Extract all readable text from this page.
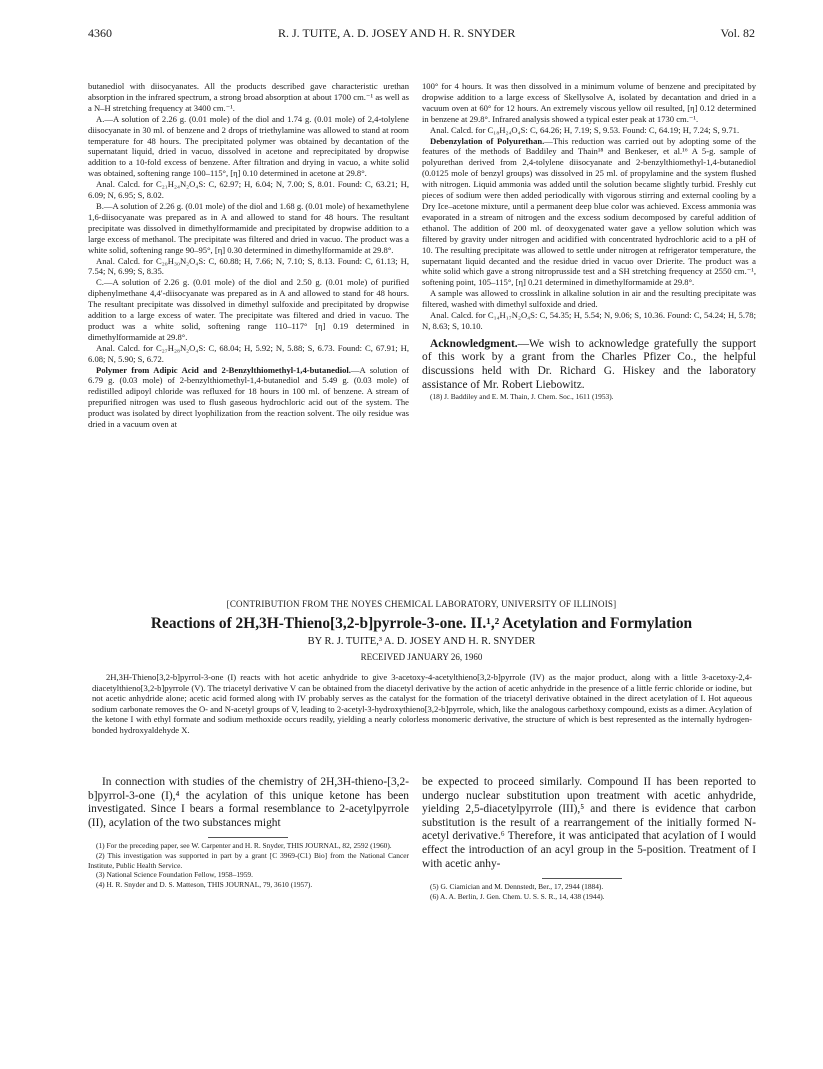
4360	R. J. TUITE, A. D. JOSEY AND H. R. SNYDER	Vol. 82

butanediol with diisocyanates. All the products described gave characteristic urethan absorption in the infrared spectrum, a strong broad absorption at about 1700 cm.⁻¹ as well as a N–H stretching frequency at 3400 cm.⁻¹.

A.—A solution of 2.26 g. (0.01 mole) of the diol and 1.74 g. (0.01 mole) of 2,4-tolylene diisocyanate in 30 ml. of benzene and 2 drops of triethylamine was allowed to stand at room temperature for 48 hours. The precipitated polymer was obtained by decantation of the supernatant liquid, dried in vacuo, dissolved in acetone and reprecipitated by dropwise addition to a 10-fold excess of benzene. After filtration and drying in vacuo, a white solid was obtained, softening range 100–115°, [η] 0.10 determined in acetone at 29.8°.

Anal. Calcd. for C₂₁H₂₄N₂O₄S: C, 62.97; H, 6.04; N, 7.00; S, 8.01. Found: C, 63.21; H, 6.09; N, 6.95; S, 8.02.

B.—A solution of 2.26 g. (0.01 mole) of the diol and 1.68 g. (0.01 mole) of hexamethylene 1,6-diisocyanate was prepared as in A and allowed to stand for 48 hours. The resultant precipitate was dissolved in dimethylformamide and precipitated by dropwise addition to a large excess of methanol. The precipitate was filtered and dried in vacuo. The product was a white solid, softening range 90–95°, [η] 0.30 determined in dimethylformamide at 29.8°.

Anal. Calcd. for C₂₀H₃₀N₂O₄S: C, 60.88; H, 7.66; N, 7.10; S, 8.13. Found: C, 61.13; H, 7.54; N, 6.99; S, 8.35.

C.—A solution of 2.26 g. (0.01 mole) of the diol and 2.50 g. (0.01 mole) of purified diphenylmethane 4,4′-diisocyanate was prepared as in A and allowed to stand for 48 hours. The resultant precipitate was dissolved in dimethyl sulfoxide and precipitated by dropwise addition to a large excess of water. The precipitate was filtered and dried in vacuo. The product was a white solid, softening range 110–117° [η] 0.19 determined in dimethylformamide at 29.8°.

Anal. Calcd. for C₂₇H₂₈N₂O₄S: C, 68.04; H, 5.92; N, 5.88; S, 6.73. Found: C, 67.91; H, 6.08; N, 5.90; S, 6.72.

Polymer from Adipic Acid and 2-Benzylthiomethyl-1,4-butanediol.—A solution of 6.79 g. (0.03 mole) of 2-benzylthiomethyl-1,4-butanediol and 5.49 g. (0.03 mole) of redistilled adipoyl chloride was refluxed for 18 hours in 100 ml. of benzene. A stream of prepurified nitrogen was used to flush gaseous hydrochloric acid out of the system. The product was isolated by direct lyophilization from the reaction solvent. The oily residue was dried in a vacuum oven at

100° for 4 hours. It was then dissolved in a minimum volume of benzene and precipitated by dropwise addition to a large excess of Skellysolve A, isolated by decantation and dried in a vacuum oven at 60° for 12 hours. An extremely viscous yellow oil resulted, [η] 0.12 determined in benzene at 29.8°. Infrared analysis showed a typical ester peak at 1730 cm.⁻¹.

Anal. Calcd. for C₁₈H₂₄O₄S: C, 64.26; H, 7.19; S, 9.53. Found: C, 64.19; H, 7.24; S, 9.71.

Debenzylation of Polyurethan.—This reduction was carried out by adopting some of the features of the methods of Baddiley and Thain¹⁸ and Benkeser, et al.¹⁶ A 5-g. sample of polyurethan derived from 2,4-tolylene diisocyanate and 2-benzylthiomethyl-1,4-butanediol (0.0125 mole of benzyl groups) was dissolved in 25 ml. of propylamine and the system flushed with nitrogen. Liquid ammonia was added until the solution became slightly turbid. Freshly cut pieces of sodium were then added periodically with vigorous stirring and external cooling by a Dry Ice–acetone mixture, until a permanent deep blue color was achieved. Excess ammonia was evaporated in a stream of nitrogen and the excess sodium decomposed by careful addition of ethanol. The addition of 200 ml. of deoxygenated water gave a yellow solution which was filtered by gravity under nitrogen and acidified with concentrated hydrochloric acid to a pH of 10. The resulting precipitate was allowed to settle under nitrogen at refrigerator temperature, the supernatant liquid decanted and the residue dried in vacuo over Drierite. The product was a white solid which gave a strong nitroprusside test and a SH stretching frequency at 2550 cm.⁻¹, softening point, 105–115°, [η] 0.21 determined in dimethylformamide at 29.8°.

A sample was allowed to crosslink in alkaline solution in air and the resulting precipitate was filtered, washed with dimethyl sulfoxide and dried.

Anal. Calcd. for C₁₄H₁₇N₂O₄S: C, 54.35; H, 5.54; N, 9.06; S, 10.36. Found: C, 54.24; H, 5.78; N, 8.63; S, 10.10.

Acknowledgment.—We wish to acknowledge gratefully the support of this work by a grant from the Charles Pfizer Co., the helpful discussions held with Dr. Richard G. Hiskey and the laboratory assistance of Mr. Robert Liebowitz.

(18) J. Baddiley and E. M. Thain, J. Chem. Soc., 1611 (1953).

[CONTRIBUTION FROM THE NOYES CHEMICAL LABORATORY, UNIVERSITY OF ILLINOIS]
Reactions of 2H,3H-Thieno[3,2-b]pyrrole-3-one. II.¹,² Acetylation and Formylation
BY R. J. TUITE,³ A. D. JOSEY AND H. R. SNYDER
RECEIVED JANUARY 26, 1960
2H,3H-Thieno[3,2-b]pyrrol-3-one (I) reacts with hot acetic anhydride to give 3-acetoxy-4-acetylthieno[3,2-b]pyrrole (IV) as the major product, along with a little 3-acetoxy-2,4-diacetylthieno[3,2-b]pyrrole (V). The triacetyl derivative V can be obtained from the diacetyl derivative by the action of acetic anhydride in the presence of a little ferric chloride or iodine, but not acetic anhydride alone; acetic acid formed along with IV probably serves as the catalyst for the formation of the triacetyl derivative obtained in the direct acetylation of I. Hot aqueous sodium carbonate removes the O- and N-acetyl groups of V, leading to 2-acetyl-3-hydroxythieno[3,2-b]pyrrole, which, like the analogous carbethoxy compound, exists as a dimer. Acylation of the ketone I with ethyl formate and sodium methoxide occurs readily, yielding a nearly colorless monomeric derivative, the structure of which is best represented as the internally hydrogen-bonded hydroxyaldehyde X.

In connection with studies of the chemistry of 2H,3H-thieno-[3,2-b]pyrrol-3-one (I),⁴ the acylation of this unique ketone has been investigated. Since I bears a formal resemblance to 2-acetylpyrrole (II), acylation of the two substances might

(1) For the preceding paper, see W. Carpenter and H. R. Snyder, THIS JOURNAL, 82, 2592 (1960).

(2) This investigation was supported in part by a grant [C 3969-(C1) Bio] from the National Cancer Institute, Public Health Service.

(3) National Science Foundation Fellow, 1958–1959.

(4) H. R. Snyder and D. S. Matteson, THIS JOURNAL, 79, 3610 (1957).

be expected to proceed similarly. Compound II has been reported to undergo nuclear substitution upon treatment with acetic anhydride, yielding 2,5-diacetylpyrrole (III),⁵ and there is evidence that carbon substitution is the result of a rearrangement of the initially formed N-acetyl derivative.⁶ Therefore, it was anticipated that acylation of I would effect the introduction of an acyl group in the 5-position. Treatment of I with acetic anhy-

(5) G. Ciamician and M. Dennstedt, Ber., 17, 2944 (1884).

(6) A. A. Berlin, J. Gen. Chem. U. S. S. R., 14, 438 (1944).
